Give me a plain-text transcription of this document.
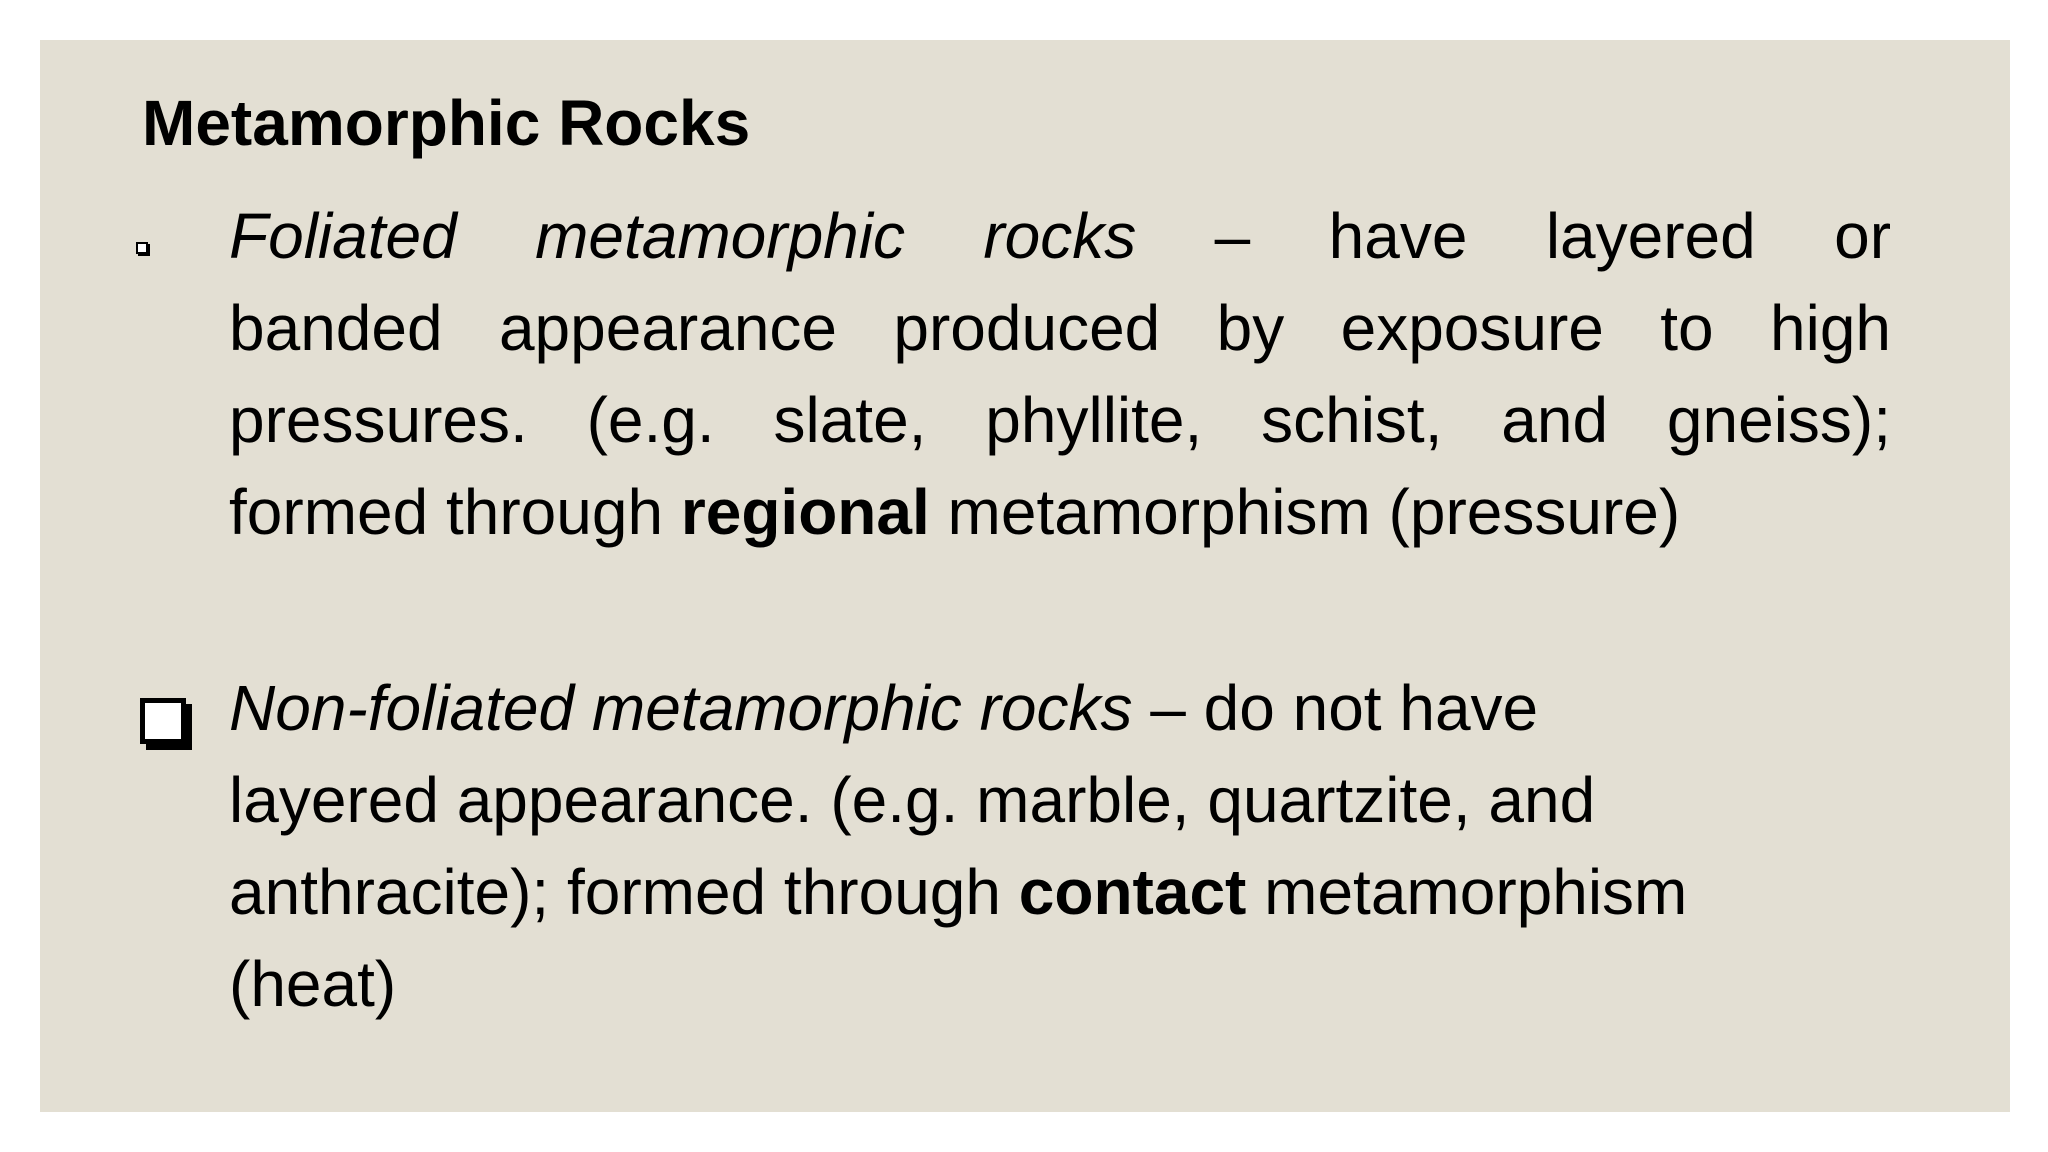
Metamorphic Rocks
Foliated metamorphic rocks – have layered or
banded appearance produced by exposure to high
pressures. (e.g. slate, phyllite, schist, and gneiss);
formed through regional metamorphism (pressure)
Non-foliated metamorphic rocks – do not have
layered appearance. (e.g. marble, quartzite, and
anthracite); formed through contact metamorphism
(heat)
